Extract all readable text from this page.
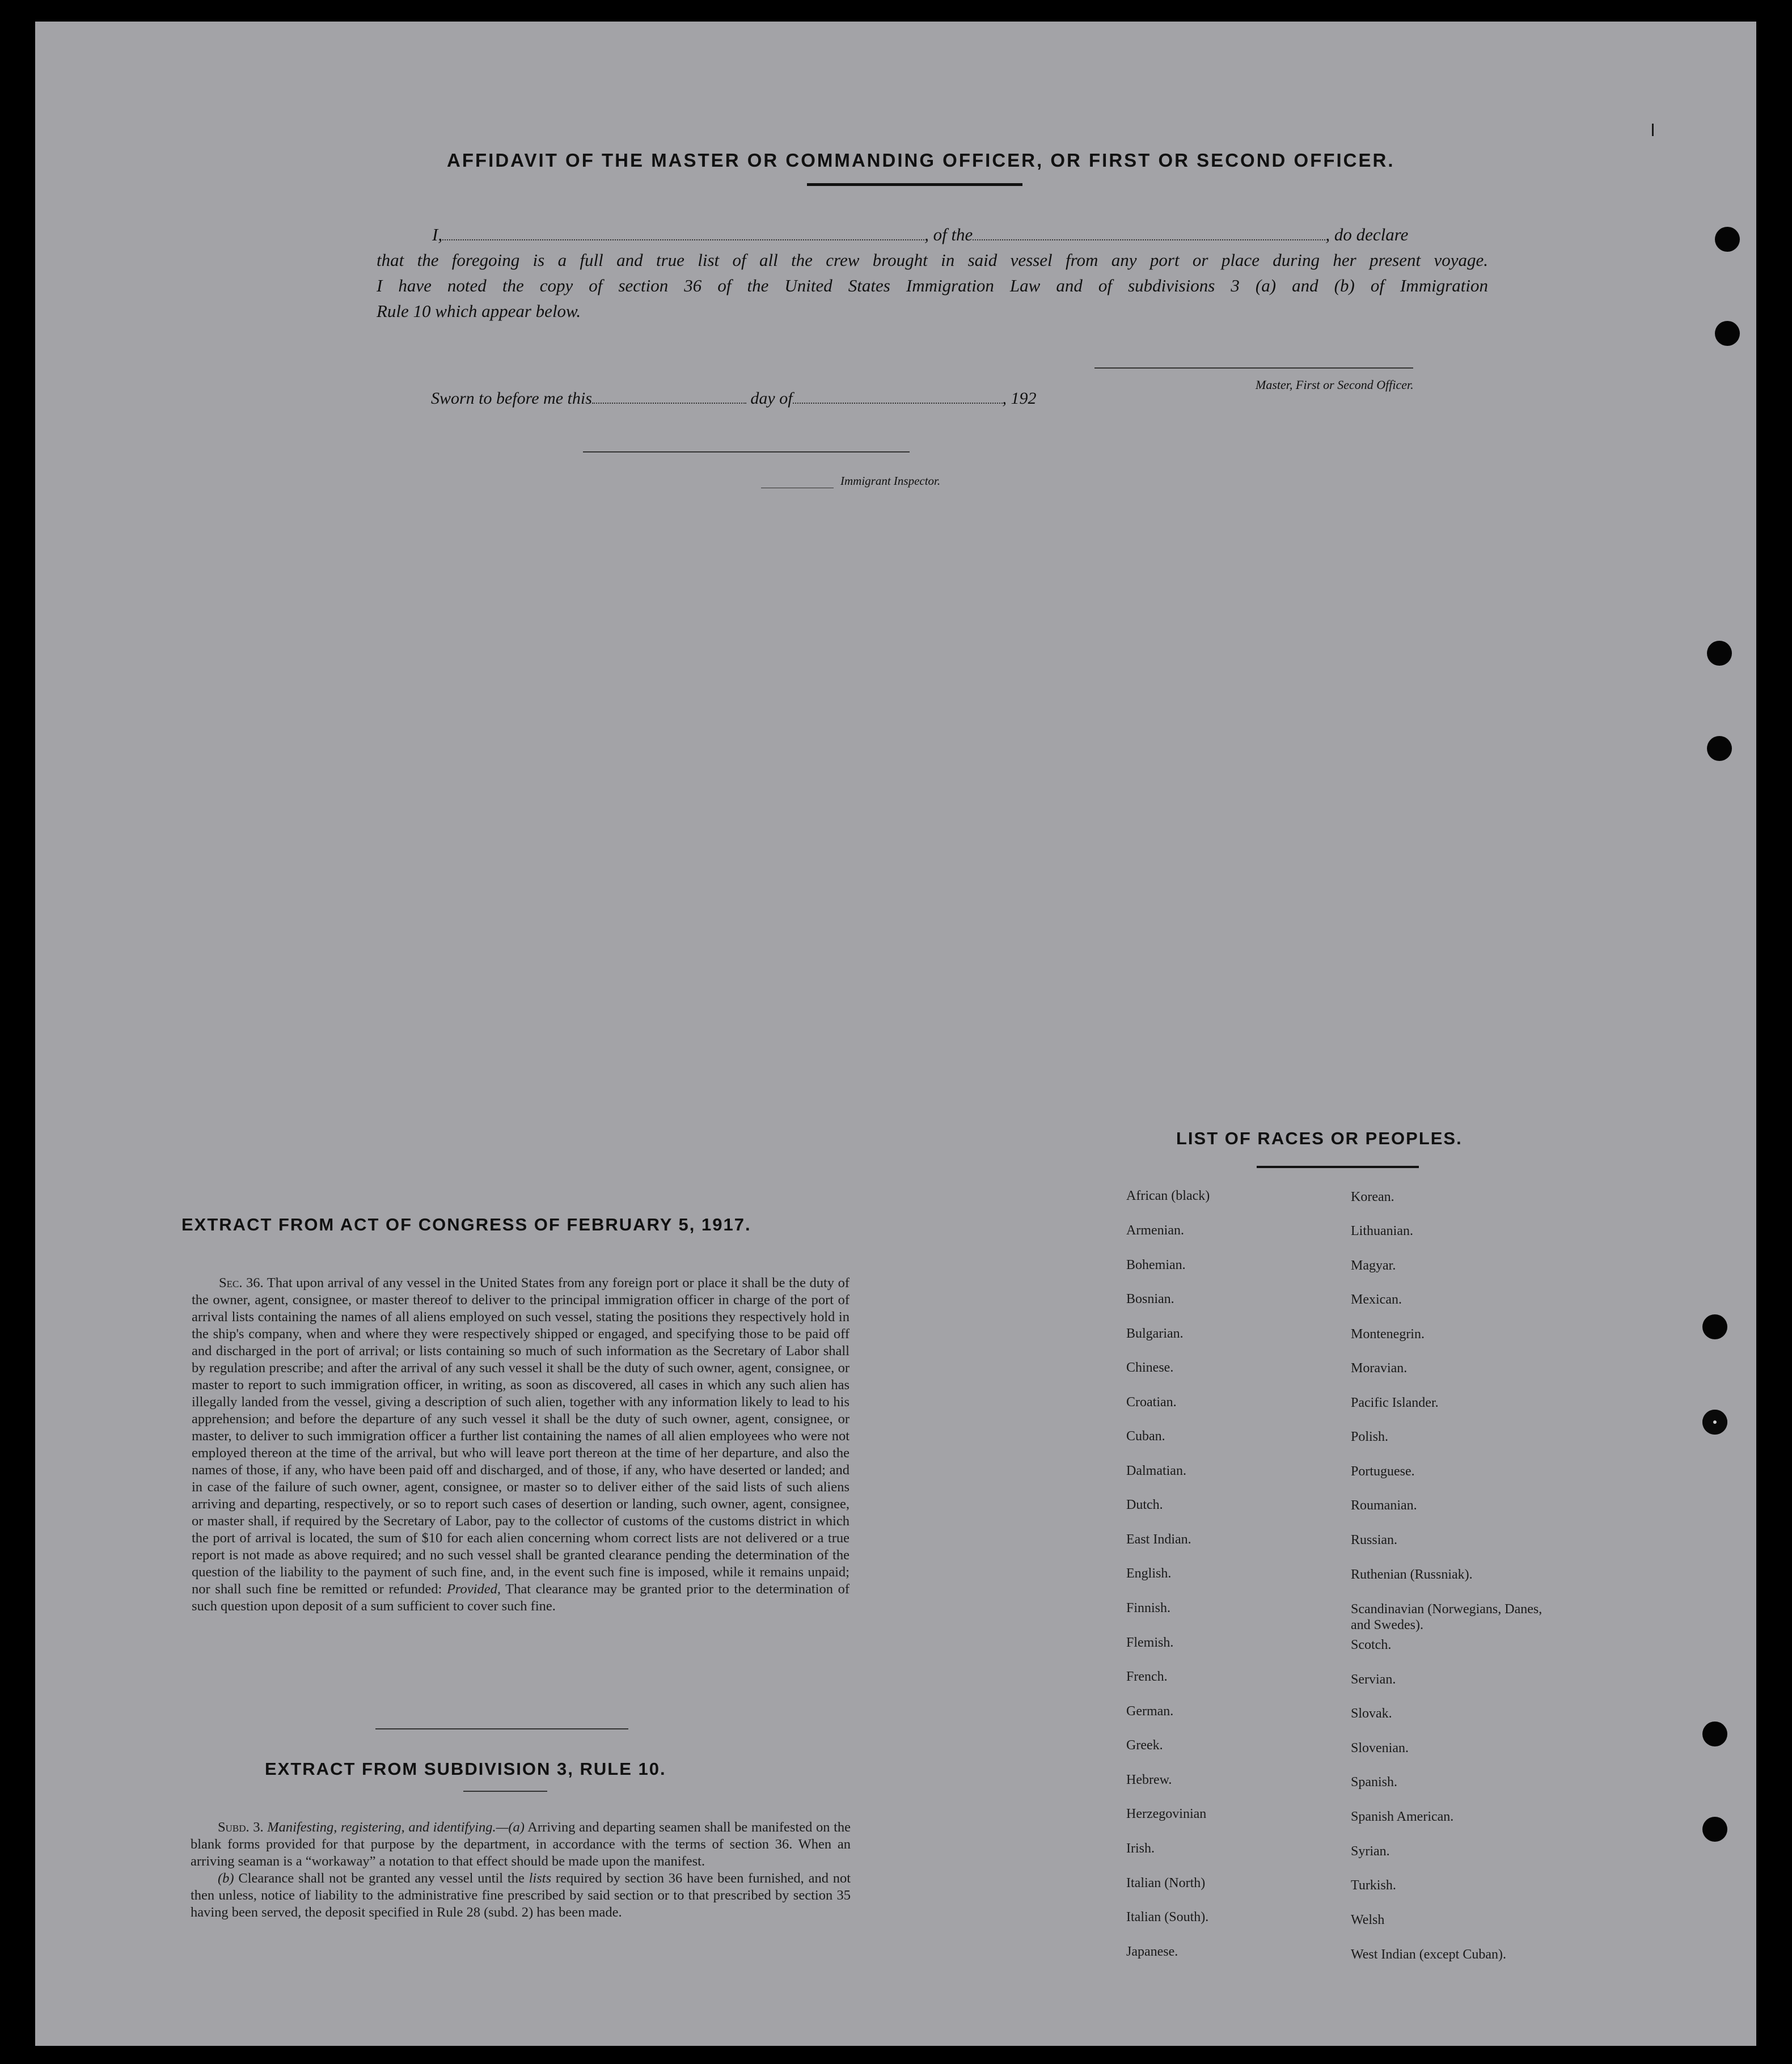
AFFIDAVIT OF THE MASTER OR COMMANDING OFFICER, OR FIRST OR SECOND OFFICER.
I,	, of the	, do declare
that the foregoing is a full and true list of all the crew brought in said vessel from any port or place during her present voyage.
I have noted the copy of section 36 of the United States Immigration Law and of subdivisions 3 (a) and (b) of Immigration
Rule 10 which appear below.
Master, First or Second Officer.
Sworn to before me this	day of	, 192
Immigrant Inspector.
EXTRACT FROM ACT OF CONGRESS OF FEBRUARY 5, 1917.

Sec. 36. That upon arrival of any vessel in the United States from any foreign port or place it shall be the duty of the owner, agent, consignee, or master thereof to deliver to the principal immigration officer in charge of the port of arrival lists containing the names of all aliens employed on such vessel, stating the positions they respectively hold in the ship's company, when and where they were respectively shipped or engaged, and specifying those to be paid off and discharged in the port of arrival; or lists containing so much of such information as the Secretary of Labor shall by regulation prescribe; and after the arrival of any such vessel it shall be the duty of such owner, agent, consignee, or master to report to such immigration officer, in writing, as soon as discovered, all cases in which any such alien has illegally landed from the vessel, giving a description of such alien, together with any information likely to lead to his apprehension; and before the departure of any such vessel it shall be the duty of such owner, agent, consignee, or master, to deliver to such immigration officer a further list containing the names of all alien employees who were not employed thereon at the time of the arrival, but who will leave port thereon at the time of her departure, and also the names of those, if any, who have been paid off and discharged, and of those, if any, who have deserted or landed; and in case of the failure of such owner, agent, consignee, or master so to deliver either of the said lists of such aliens arriving and departing, respectively, or so to report such cases of desertion or landing, such owner, agent, consignee, or master shall, if required by the Secretary of Labor, pay to the collector of customs of the customs district in which the port of arrival is located, the sum of $10 for each alien concerning whom correct lists are not delivered or a true report is not made as above required; and no such vessel shall be granted clearance pending the determination of the question of the liability to the payment of such fine, and, in the event such fine is imposed, while it remains unpaid; nor shall such fine be remitted or refunded: Provided, That clearance may be granted prior to the determination of such question upon deposit of a sum sufficient to cover such fine.

EXTRACT FROM SUBDIVISION 3, RULE 10.

Subd. 3. Manifesting, registering, and identifying.—(a) Arriving and departing seamen shall be manifested on the blank forms provided for that purpose by the department, in accordance with the terms of section 36. When an arriving seaman is a “workaway” a notation to that effect should be made upon the manifest.

(b) Clearance shall not be granted any vessel until the lists required by section 36 have been furnished, and not then unless, notice of liability to the administrative fine prescribed by said section or to that prescribed by section 35 having been served, the deposit specified in Rule 28 (subd. 2) has been made.

LIST OF RACES OR PEOPLES.
African (black)
Armenian.
Bohemian.
Bosnian.
Bulgarian.
Chinese.
Croatian.
Cuban.
Dalmatian.
Dutch.
East Indian.
English.
Finnish.
Flemish.
French.
German.
Greek.
Hebrew.
Herzegovinian
Irish.
Italian (North)
Italian (South).
Japanese.
Korean.
Lithuanian.
Magyar.
Mexican.
Montenegrin.
Moravian.
Pacific Islander.
Polish.
Portuguese.
Roumanian.
Russian.
Ruthenian (Russniak).
Scandinavian (Norwegians, Danes, and Swedes).
Scotch.
Servian.
Slovak.
Slovenian.
Spanish.
Spanish American.
Syrian.
Turkish.
Welsh
West Indian (except Cuban).
